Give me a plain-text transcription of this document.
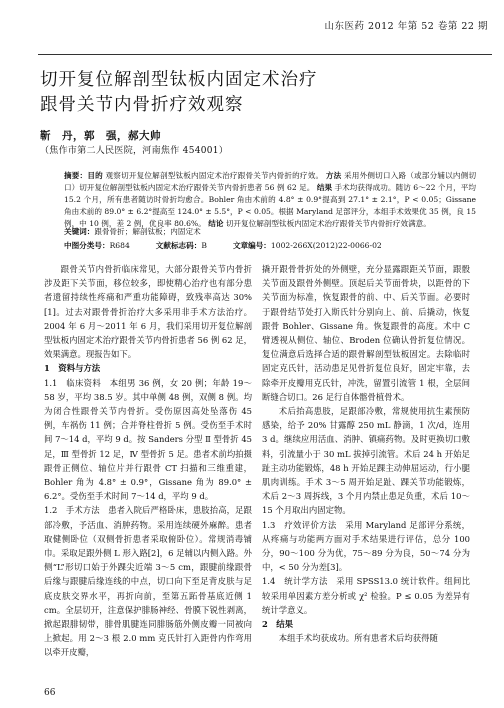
山东医药 2012 年第 52 卷第 22 期
切开复位解剖型钛板内固定术治疗
跟骨关节内骨折疗效观察
靳　丹，郭　强，郝大帅
（焦作市第二人民医院，河南焦作 454001）
摘要：目的 观察切开复位解剖型钛板内固定术治疗跟骨关节内骨折的疗效。 方法 采用外侧切口入路（或部分辅以内侧切口）切开复位解剖型钛板内固定术治疗跟骨关节内骨折患者 56 例 62 足。 结果 手术均获得成功。随访 6～22 个月，平均 15.2 个月，所有患者随访时骨折均愈合。Bohler 角由术前的 4.8° ± 0.9°提高到 27.1° ± 2.1°，P < 0.05；Gissane 角由术前的 89.0° ± 6.2°提高至 124.0° ± 5.5°，P < 0.05。根据 Maryland 足部评分，本组手术效果优 35 例，良 15 例，中 10 例，差 2 例，优良率 80.6%。 结论 切开复位解剖型钛板内固定术治疗跟骨关节内骨折疗效满意。
关键词：跟骨骨折；解剖钛板；内固定术
中图分类号：R684	文献标志码：B	文章编号：1002-266X(2012)22-0066-02

跟骨关节内骨折临床常见，大部分跟骨关节内骨折涉及距下关节面，移位较多，即使精心治疗也有部分患者遗留持续性疼痛和严重功能障碍，致残率高达 30%[1]。过去对跟骨骨折治疗大多采用非手术方法治疗。2004 年 6 月～2011 年 6 月，我们采用切开复位解剖型钛板内固定术治疗跟骨关节内骨折患者 56 例 62 足，效果满意。现报告如下。

1　资料与方法

1.1　临床资料　本组男 36 例，女 20 例；年龄 19～58 岁，平均 38.5 岁。其中单侧 48 例，双侧 8 例。均为闭合性跟骨关节内骨折。受伤原因高处坠落伤 45 例，车祸伤 11 例；合并脊柱骨折 5 例。受伤至手术时间 7～14 d，平均 9 d。按 Sanders 分型 Ⅱ 型骨折 45 足，Ⅲ 型骨折 12 足，Ⅳ 型骨折 5 足。患者术前均拍摄跟骨正侧位、轴位片并行跟骨 CT 扫描和三维重建，Bohler 角为 4.8° ± 0.9°，Gissane 角为 89.0° ± 6.2°。受伤至手术时间 7～14 d，平均 9 d。

1.2　手术方法　患者入院后严格卧床，患肢抬高，足跟部冷敷，予活血、消肿药物。采用连续硬外麻醉。患者取健侧卧位（双侧骨折患者采取俯卧位）。常规消毒铺巾。采取足跟外侧 L 形入路[2]，6 足辅以内侧入路。外侧“L”形切口始于外踝尖近端 3～5 cm，跟腱前缘跟骨后缘与跟腱后缘连线的中点，切口向下至足背皮肤与足底皮肤交界水平，再折向前，至第五跖骨基底近侧 1 cm。全层切开，注意保护腓肠神经、骨膜下锐性剥离，掀起跟腓韧带，腓骨肌腱连同腓肠筋外侧皮瓣一同被向上掀起。用 2～3 根 2.0 mm 克氏针打入距骨内作弯用以牵开皮瓣，

撬开跟骨骨折处的外侧壁，充分显露跟距关节面，跟骰关节面及跟骨外侧壁。顶起后关节面骨块，以距骨的下关节面为标准，恢复跟骨的前、中、后关节面。必要时于跟骨结节处打入斯氏针分别向上、前、后撬动，恢复跟骨 Bohler、Gissane 角。恢复跟骨的高度。术中 C 臂透视从侧位、轴位、Broden 位确认骨折复位情况。复位满意后选择合适的跟骨解剖型钛板固定。去除临时固定克氏针，活动患足见骨折复位良好，固定牢靠，去除牵开皮瓣用克氏针，冲洗，留置引流管 1 根，全层间断缝合切口。26 足行自体髂骨植骨术。

术后抬高患肢，足跟部冷敷，常规使用抗生素预防感染，给予 20% 甘露醇 250 mL 静滴，1 次/d，连用 3 d。继续应用活血、消肿、镇痛药物。及时更换切口敷料，引流量小于 30 mL 拔掉引流管。术后 24 h 开始足趾主动功能锻炼，48 h 开始足踝主动伸屈运动，行小腿肌肉训练。手术 3～5 周开始足趾、踝关节功能锻炼，术后 2～3 周拆线，3 个月内禁止患足负重，术后 10～15 个月取出内固定物。

1.3　疗效评价方法　采用 Maryland 足部评分系统，从疼痛与功能两方面对手术结果进行评估，总分 100 分，90～100 分为优，75～89 分为良，50～74 分为中，< 50 分为差[3]。

1.4　统计学方法　采用 SPSS13.0 统计软件。组间比较采用单因素方差分析或 χ² 检验。P ≤ 0.05 为差异有统计学意义。

2　结果

本组手术均获成功。所有患者术后均获得随

66
